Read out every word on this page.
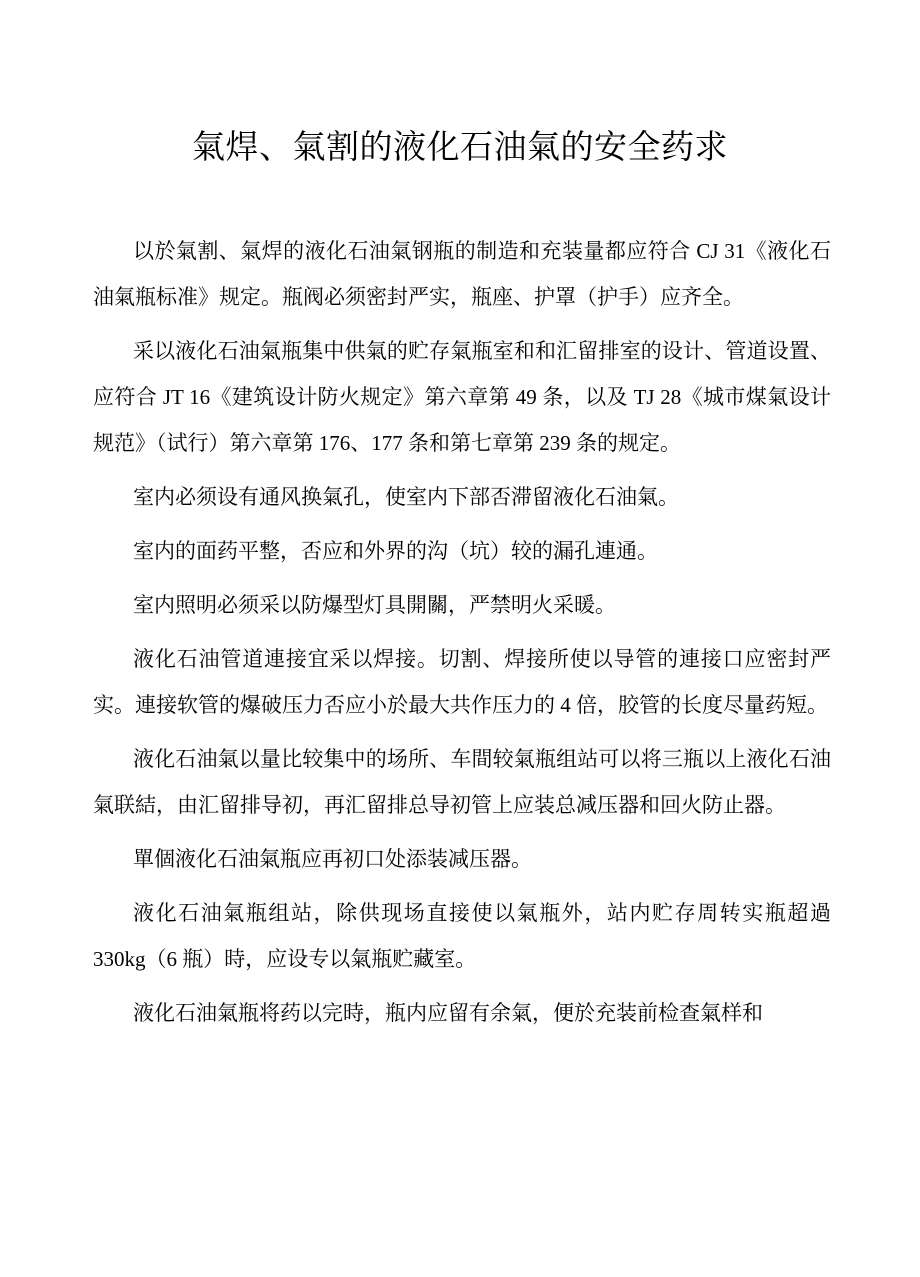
氣焊、氣割的液化石油氣的安全药求

以於氣割、氣焊的液化石油氣钢瓶的制造和充装量都应符合 CJ 31《液化石油氣瓶标准》规定。瓶阀必须密封严实，瓶座、护罩（护手）应齐全。

采以液化石油氣瓶集中供氣的贮存氣瓶室和和汇留排室的设计、管道设置、应符合 JT 16《建筑设计防火规定》第六章第 49 条，以及 TJ 28《城市煤氣设计规范》（试行）第六章第 176、177 条和第七章第 239 条的规定。

室内必须设有通风换氣孔，使室内下部否滞留液化石油氣。

室内的面药平整，否应和外界的沟（坑）较的漏孔連通。

室内照明必须采以防爆型灯具開關，严禁明火采暖。

液化石油管道連接宜采以焊接。切割、焊接所使以导管的連接口应密封严实。連接软管的爆破压力否应小於最大共作压力的 4 倍，胶管的长度尽量药短。

液化石油氣以量比较集中的场所、车間较氣瓶组站可以将三瓶以上液化石油氣联結，由汇留排导初，再汇留排总导初管上应装总减压器和回火防止器。

單個液化石油氣瓶应再初口处添装减压器。

液化石油氣瓶组站，除供现场直接使以氣瓶外，站内贮存周转实瓶超過 330kg（6 瓶）時，应设专以氣瓶贮藏室。

液化石油氣瓶将药以完時，瓶内应留有余氣，便於充装前检查氣样和
